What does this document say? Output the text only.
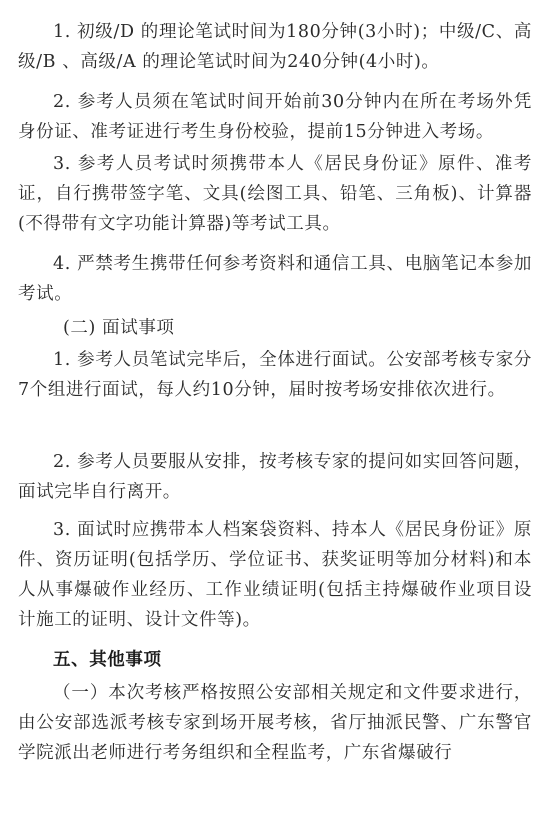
1. 初级/D 的理论笔试时间为180分钟(3小时)；中级/C、高级/B 、高级/A 的理论笔试时间为240分钟(4小时)。

2. 参考人员须在笔试时间开始前30分钟内在所在考场外凭身份证、准考证进行考生身份校验，提前15分钟进入考场。

3. 参考人员考试时须携带本人《居民身份证》原件、准考证，自行携带签字笔、文具(绘图工具、铅笔、三角板)、计算器(不得带有文字功能计算器)等考试工具。

4. 严禁考生携带任何参考资料和通信工具、电脑笔记本参加考试。

(二) 面试事项

1. 参考人员笔试完毕后，全体进行面试。公安部考核专家分7个组进行面试，每人约10分钟，届时按考场安排依次进行。

2. 参考人员要服从安排，按考核专家的提问如实回答问题，面试完毕自行离开。

3. 面试时应携带本人档案袋资料、持本人《居民身份证》原件、资历证明(包括学历、学位证书、获奖证明等加分材料)和本人从事爆破作业经历、工作业绩证明(包括主持爆破作业项目设计施工的证明、设计文件等)。

五、其他事项

（一）本次考核严格按照公安部相关规定和文件要求进行，由公安部选派考核专家到场开展考核，省厅抽派民警、广东警官学院派出老师进行考务组织和全程监考，广东省爆破行
